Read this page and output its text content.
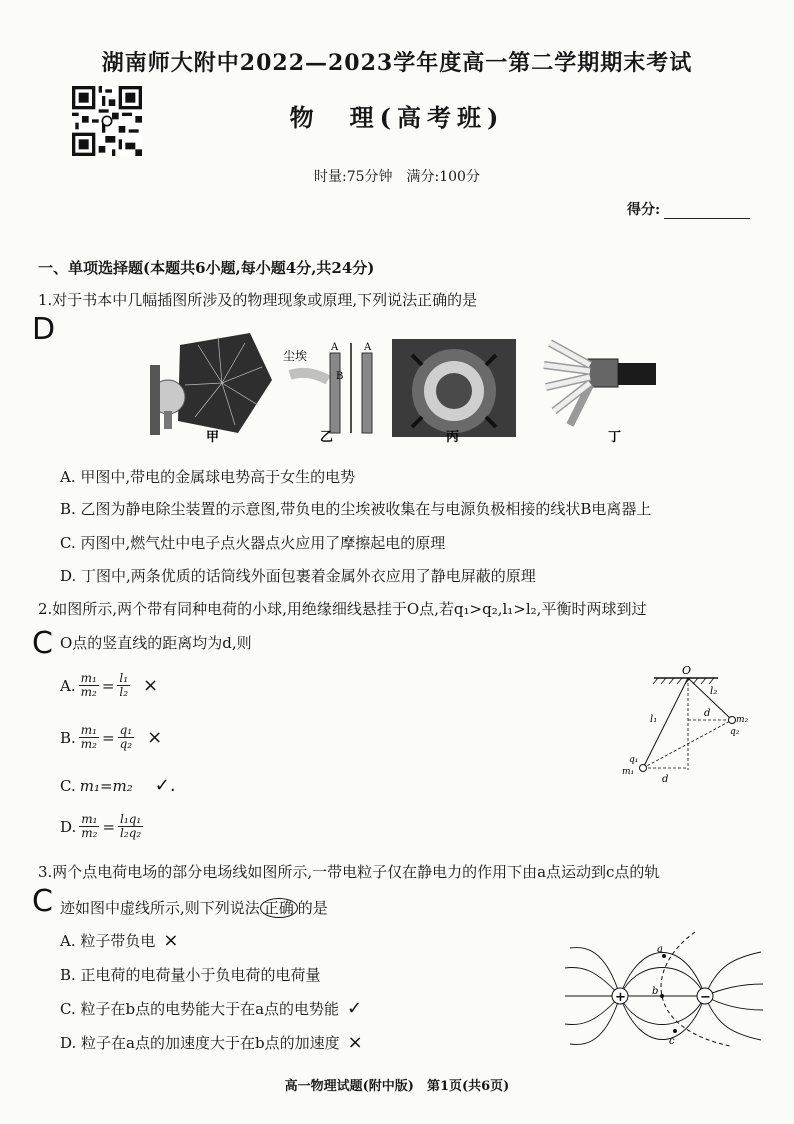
湖南师大附中2022—2023学年度高一第二学期期末考试
物　理(高考班)
时量:75分钟　满分:100分
得分:
一、单项选择题(本题共6小题,每小题4分,共24分)
1.对于书本中几幅插图所涉及的物理现象或原理,下列说法正确的是
D
尘埃
B
A	A
甲	乙	丙	丁
A. 甲图中,带电的金属球电势高于女生的电势
B. 乙图为静电除尘装置的示意图,带负电的尘埃被收集在与电源负极相接的线状B电离器上
C. 丙图中,燃气灶中电子点火器点火应用了摩擦起电的原理
D. 丁图中,两条优质的话筒线外面包裹着金属外衣应用了静电屏蔽的原理
2.如图所示,两个带有同种电荷的小球,用绝缘细线悬挂于O点,若q₁>q₂,l₁>l₂,平衡时两球到过
O点的竖直线的距离均为d,则
C
A. $\frac{\text{m₁}}{\text{m₂}} = \frac{\text{l₁}}{\text{l₂}}$ ×
B. $\frac{\text{m₁}}{\text{m₂}} = \frac{\text{q₁}}{\text{q₂}}$ ×
C. m₁=m₂ ✓.
D. $\frac{\text{m₁}}{\text{m₂}} = \frac{\text{l₁q₁}}{\text{l₂q₂}}$
O
l₁
l₂
d
d
m₂
q₂
q₁
m₁
3.两个点电荷电场的部分电场线如图所示,一带电粒子仅在静电力的作用下由a点运动到c点的轨
迹如图中虚线所示,则下列说法 正确 的是
C
A. 粒子带负电 ×
B. 正电荷的电荷量小于负电荷的电荷量
C. 粒子在b点的电势能大于在a点的电势能 ✓
D. 粒子在a点的加速度大于在b点的加速度 ×
+	−
a
b
c
高一物理试题(附中版)　第1页(共6页)
